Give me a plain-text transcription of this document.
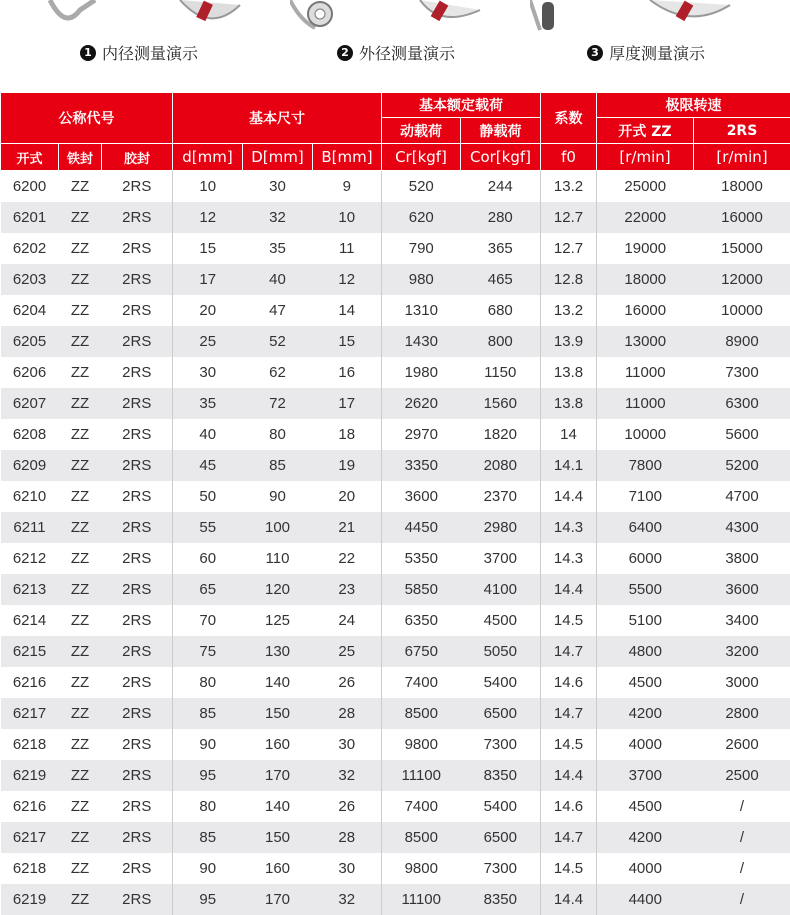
1 内径测量演示	2 外径测量演示	3 厚度测量演示
公称代号			基本尺寸			基本额定载荷		系数	极限转速	
						动载荷	静载荷		开式 ZZ	2RS
开式	铁封	胶封	d[mm]	D[mm]	B[mm]	Cr[kgf]	Cor[kgf]	f0	[r/min]	[r/min]
6200	ZZ	2RS	10	30	9	520	244	13.2	25000	18000
6201	ZZ	2RS	12	32	10	620	280	12.7	22000	16000
6202	ZZ	2RS	15	35	11	790	365	12.7	19000	15000
6203	ZZ	2RS	17	40	12	980	465	12.8	18000	12000
6204	ZZ	2RS	20	47	14	1310	680	13.2	16000	10000
6205	ZZ	2RS	25	52	15	1430	800	13.9	13000	8900
6206	ZZ	2RS	30	62	16	1980	1150	13.8	11000	7300
6207	ZZ	2RS	35	72	17	2620	1560	13.8	11000	6300
6208	ZZ	2RS	40	80	18	2970	1820	14	10000	5600
6209	ZZ	2RS	45	85	19	3350	2080	14.1	7800	5200
6210	ZZ	2RS	50	90	20	3600	2370	14.4	7100	4700
6211	ZZ	2RS	55	100	21	4450	2980	14.3	6400	4300
6212	ZZ	2RS	60	110	22	5350	3700	14.3	6000	3800
6213	ZZ	2RS	65	120	23	5850	4100	14.4	5500	3600
6214	ZZ	2RS	70	125	24	6350	4500	14.5	5100	3400
6215	ZZ	2RS	75	130	25	6750	5050	14.7	4800	3200
6216	ZZ	2RS	80	140	26	7400	5400	14.6	4500	3000
6217	ZZ	2RS	85	150	28	8500	6500	14.7	4200	2800
6218	ZZ	2RS	90	160	30	9800	7300	14.5	4000	2600
6219	ZZ	2RS	95	170	32	11100	8350	14.4	3700	2500
6216	ZZ	2RS	80	140	26	7400	5400	14.6	4500	/
6217	ZZ	2RS	85	150	28	8500	6500	14.7	4200	/
6218	ZZ	2RS	90	160	30	9800	7300	14.5	4000	/
6219	ZZ	2RS	95	170	32	11100	8350	14.4	4400	/
